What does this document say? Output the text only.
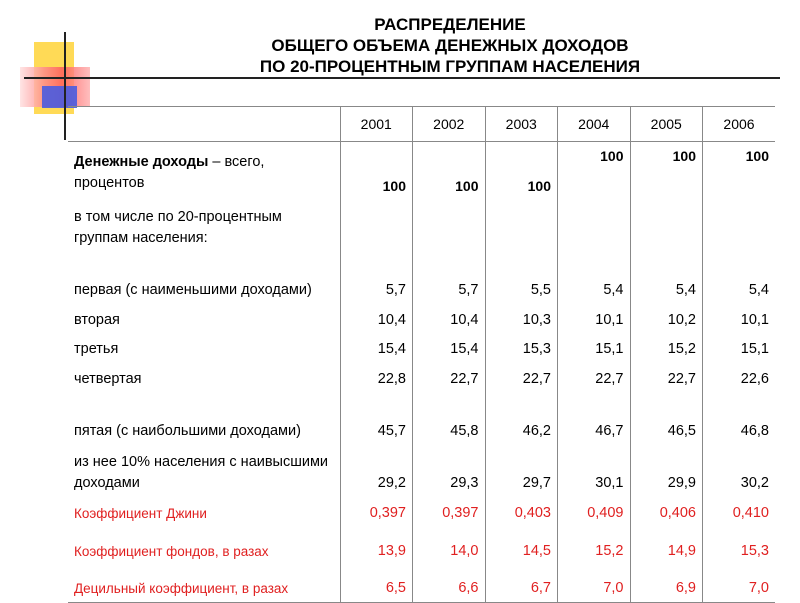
РАСПРЕДЕЛЕНИЕ
ОБЩЕГО ОБЪЕМА ДЕНЕЖНЫХ ДОХОДОВ
ПО 20-ПРОЦЕНТНЫМ ГРУППАМ НАСЕЛЕНИЯ
	2001	2002	2003	2004	2005	2006
Денежные доходы – всего, процентов	100	100	100	100	100	100
в том числе по 20-процентным группам населения:						
первая (с наименьшими доходами)	5,7	5,7	5,5	5,4	5,4	5,4
вторая	10,4	10,4	10,3	10,1	10,2	10,1
третья	15,4	15,4	15,3	15,1	15,2	15,1
четвертая	22,8	22,7	22,7	22,7	22,7	22,6
пятая (с наибольшими доходами)	45,7	45,8	46,2	46,7	46,5	46,8
из нее 10% населения с наивысшими доходами	29,2	29,3	29,7	30,1	29,9	30,2
Коэффициент Джини	0,397	0,397	0,403	0,409	0,406	0,410
Коэффициент фондов, в разах	13,9	14,0	14,5	15,2	14,9	15,3
Децильный коэффициент, в разах	6,5	6,6	6,7	7,0	6,9	7,0
